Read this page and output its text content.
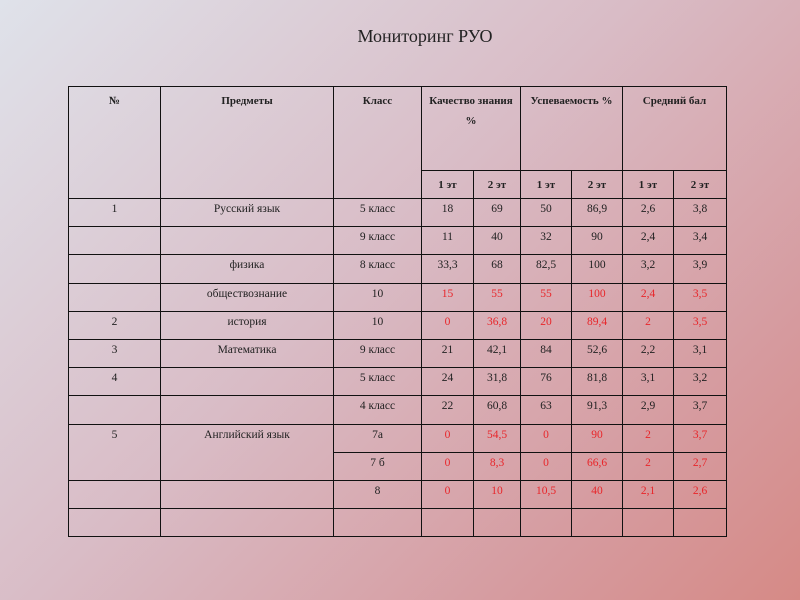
Мониторинг РУО
№	Предметы	Класс	Качество знания %		Успеваемость %		Средний бал	
			1 эт	2 эт	1 эт	2 эт	1 эт	2 эт
1	Русский язык	5 класс	18	69	50	86,9	2,6	3,8
		9 класс	11	40	32	90	2,4	3,4
	физика	8 класс	33,3	68	82,5	100	3,2	3,9
	обществознание	10	15	55	55	100	2,4	3,5
2	история	10	0	36,8	20	89,4	2	3,5
3	Математика	9 класс	21	42,1	84	52,6	2,2	3,1
4		5 класс	24	31,8	76	81,8	3,1	3,2
		4 класс	22	60,8	63	91,3	2,9	3,7
5	Английский язык	7а	0	54,5	0	90	2	3,7
		7 б	0	8,3	0	66,6	2	2,7
		8	0	10	10,5	40	2,1	2,6
